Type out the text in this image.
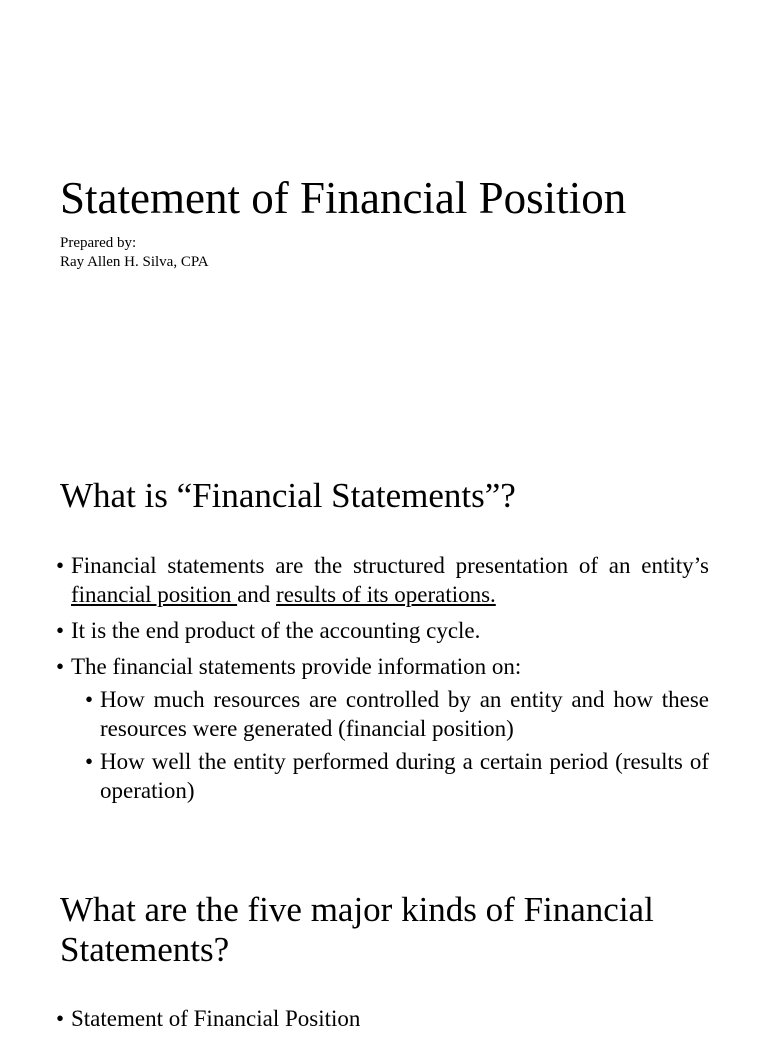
Statement of Financial Position
Prepared by:
Ray Allen H. Silva, CPA
What is “Financial Statements”?
• Financial statements are the structured presentation of an entity’s financial position and results of its operations.
• It is the end product of the accounting cycle.
• The financial statements provide information on:
• How much resources are controlled by an entity and how these resources were generated (financial position)
• How well the entity performed during a certain period (results of operation)
What are the five major kinds of Financial Statements?
• Statement of Financial Position
